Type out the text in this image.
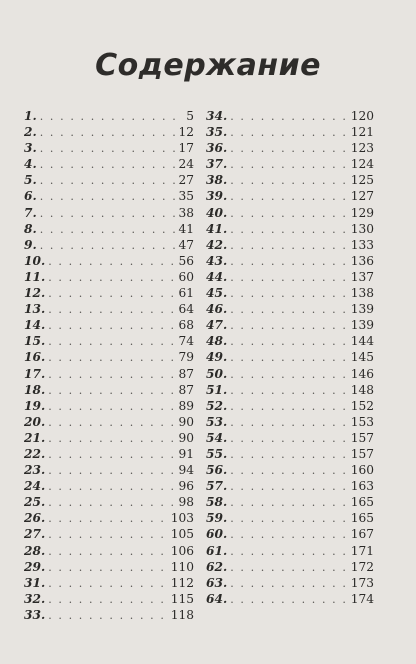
Содержание
1. . . .	5
2. . . .	12
3. . . .	17
4. . . .	24
5. . . .	27
6. . . .	35
7. . . .	38
8. . . .	41
9. . . .	47
10. . . .	56
11. . . .	60
12. . . .	61
13. . . .	64
14. . . .	68
15. . . .	74
16. . . .	79
17. . . .	87
18. . . .	87
19. . . .	89
20. . . .	90
21. . . .	90
22. . . .	91
23. . . .	94
24. . . .	96
25. . . .	98
26. . . .	103
27. . . .	105
28. . . .	106
29. . . .	110
31. . . .	112
32. . . .	115
33. . . .	118
34. . . .	120
35. . . .	121
36. . . .	123
37. . . .	124
38. . . .	125
39. . . .	127
40. . . .	129
41. . . .	130
42. . . .	133
43. . . .	136
44. . . .	137
45. . . .	138
46. . . .	139
47. . . .	139
48. . . .	144
49. . . .	145
50. . . .	146
51. . . .	148
52. . . .	152
53. . . .	153
54. . . .	157
55. . . .	157
56. . . .	160
57. . . .	163
58. . . .	165
59. . . .	165
60. . . .	167
61. . . .	171
62. . . .	172
63. . . .	173
64. . . .	174
